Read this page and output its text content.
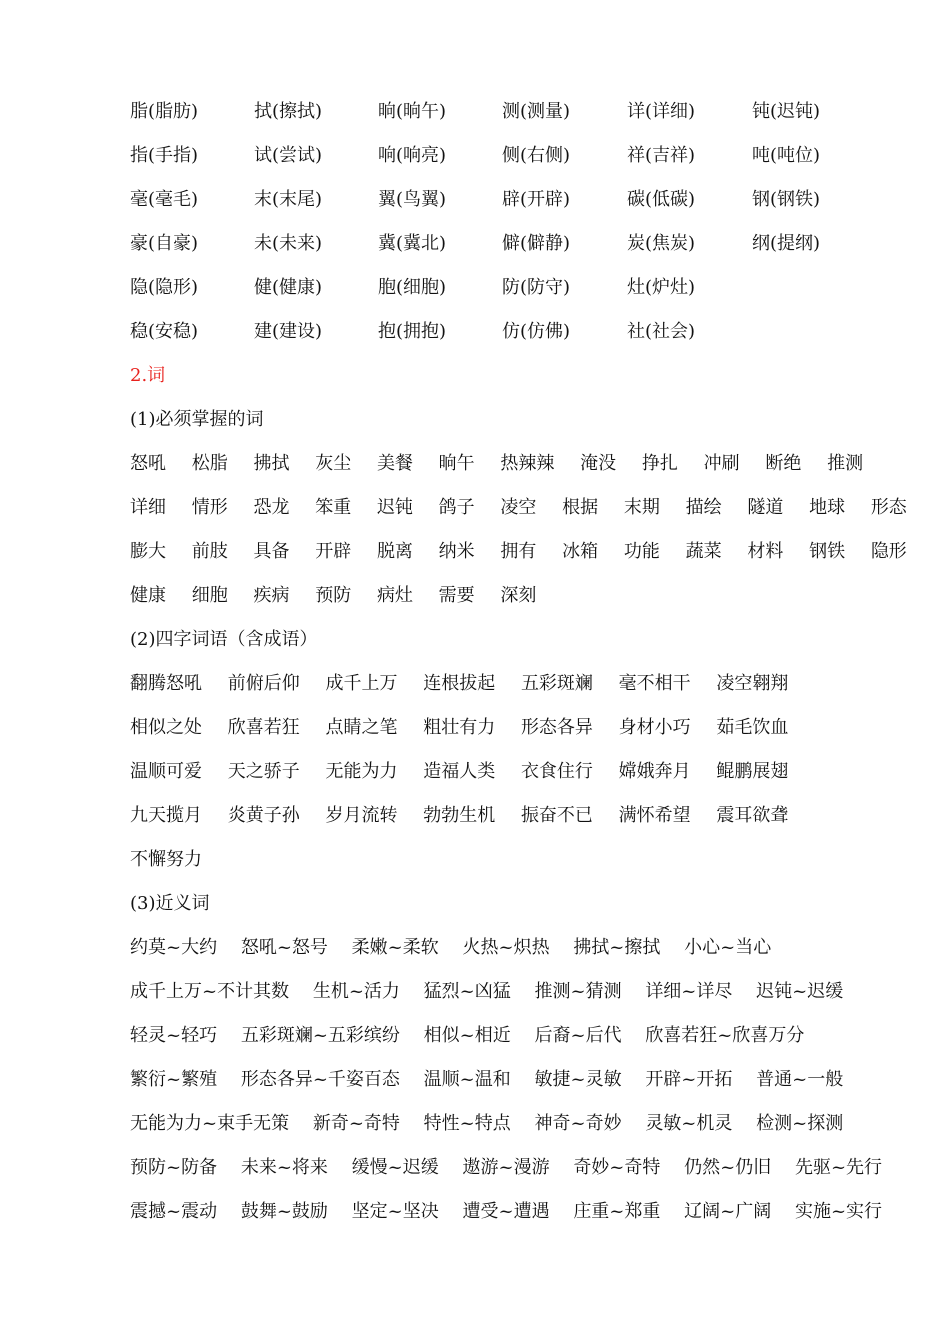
脂(脂肪)	拭(擦拭)	晌(晌午)	测(测量)	详(详细)	钝(迟钝)
指(手指)	试(尝试)	响(响亮)	侧(右侧)	祥(吉祥)	吨(吨位)
毫(毫毛)	末(末尾)	翼(鸟翼)	辟(开辟)	碳(低碳)	钢(钢铁)
豪(自豪)	未(未来)	冀(冀北)	僻(僻静)	炭(焦炭)	纲(提纲)
隐(隐形)	健(健康)	胞(细胞)	防(防守)	灶(炉灶)
稳(安稳)	建(建设)	抱(拥抱)	仿(仿佛)	社(社会)
2.词
(1)必须掌握的词
怒吼 松脂 拂拭 灰尘 美餐 晌午 热辣辣 淹没 挣扎 冲刷 断绝 推测
详细 情形 恐龙 笨重 迟钝 鸽子 凌空 根据 末期 描绘 隧道 地球 形态
膨大 前肢 具备 开辟 脱离 纳米 拥有 冰箱 功能 蔬菜 材料 钢铁 隐形
健康 细胞 疾病 预防 病灶 需要 深刻
(2)四字词语（含成语）
翻腾怒吼 前俯后仰 成千上万 连根拔起 五彩斑斓 毫不相干 凌空翱翔
相似之处 欣喜若狂 点睛之笔 粗壮有力 形态各异 身材小巧 茹毛饮血
温顺可爱 天之骄子 无能为力 造福人类 衣食住行 嫦娥奔月 鲲鹏展翅
九天揽月 炎黄子孙 岁月流转 勃勃生机 振奋不已 满怀希望 震耳欲聋
不懈努力
(3)近义词
约莫~大约 怒吼~怒号 柔嫩~柔软 火热~炽热 拂拭~擦拭 小心~当心
成千上万~不计其数 生机~活力 猛烈~凶猛 推测~猜测 详细~详尽 迟钝~迟缓
轻灵~轻巧 五彩斑斓~五彩缤纷 相似~相近 后裔~后代 欣喜若狂~欣喜万分
繁衍~繁殖 形态各异~千姿百态 温顺~温和 敏捷~灵敏 开辟~开拓 普通~一般
无能为力~束手无策 新奇~奇特 特性~特点 神奇~奇妙 灵敏~机灵 检测~探测
预防~防备 未来~将来 缓慢~迟缓 遨游~漫游 奇妙~奇特 仍然~仍旧 先驱~先行
震撼~震动 鼓舞~鼓励 坚定~坚决 遭受~遭遇 庄重~郑重 辽阔~广阔 实施~实行
